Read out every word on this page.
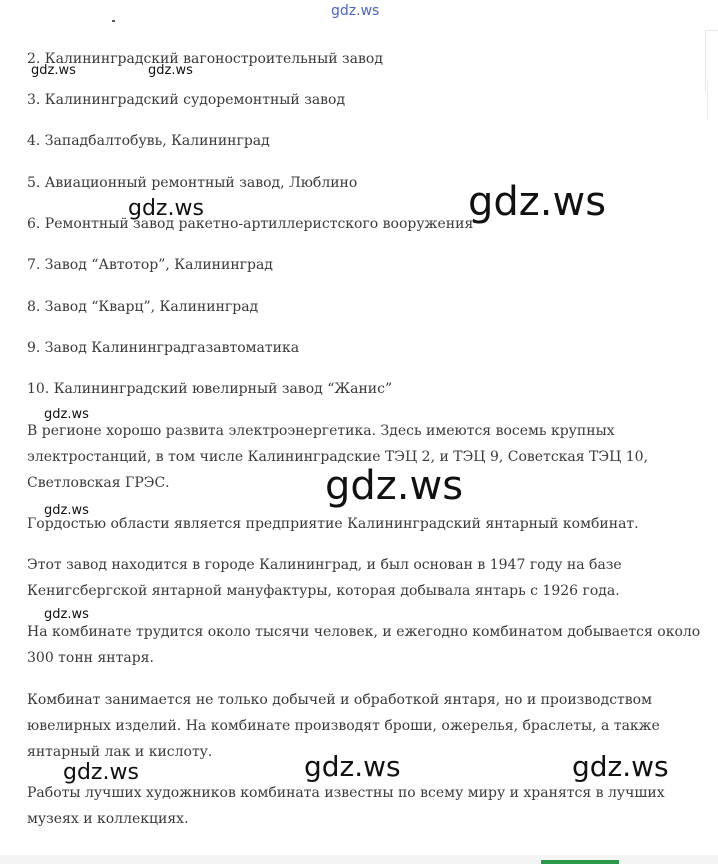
2. Калининградский вагоностроительный завод
3. Калининградский судоремонтный завод
4. Западбалтобувь, Калининград
5. Авиационный ремонтный завод, Люблино
6. Ремонтный завод ракетно-артиллеристского вооружения
7. Завод “Автотор”, Калининград
8. Завод “Кварц”, Калининград
9. Завод Калининградгазавтоматика
10. Калининградский ювелирный завод “Жанис”
В регионе хорошо развита электроэнергетика. Здесь имеются восемь крупных
электростанций, в том числе Калининградские ТЭЦ 2, и ТЭЦ 9, Советская ТЭЦ 10,
Светловская ГРЭС.
Гордостью области является предприятие Калининградский янтарный комбинат.
Этот завод находится в городе Калининград, и был основан в 1947 году на базе
Кенигсбергской янтарной мануфактуры, которая добывала янтарь с 1926 года.
На комбинате трудится около тысячи человек, и ежегодно комбинатом добывается около
300 тонн янтаря.
Комбинат занимается не только добычей и обработкой янтаря, но и производством
ювелирных изделий. На комбинате производят броши, ожерелья, браслеты, а также
янтарный лак и кислоту.
Работы лучших художников комбината известны по всему миру и хранятся в лучших
музеях и коллекциях.
gdz.ws
gdz.ws	gdz.ws
gdz.ws	gdz.ws
gdz.ws
gdz.ws
gdz.ws
gdz.ws
gdz.ws	gdz.ws	gdz.ws
